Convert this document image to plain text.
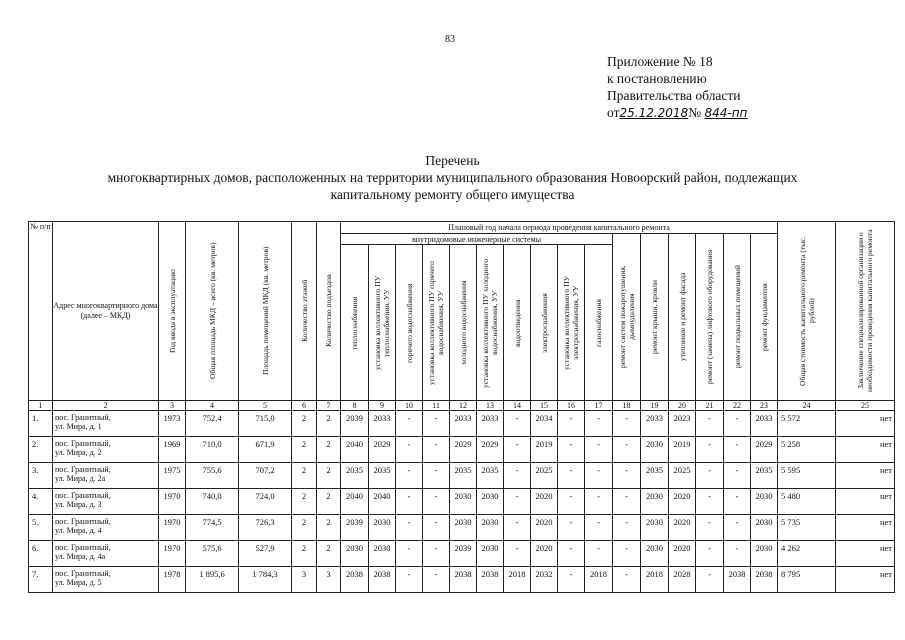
83
Приложение № 18
к постановлению
Правительства области
от25.12.2018№ 844-пп
Перечень
многоквартирных домов, расположенных на территории муниципального образования Новоорский район, подлежащих
капитальному ремонту общего имущества
№ п/п	Адрес многоквартирного дома (далее – МКД)	Год ввода в эксплуатацию	Общая площадь МКД – всего (кв. метров)	Площадь помещений МКД (кв. метров)	Количество этажей	Количество подъездов	Плановый год начала периода проведения капитального ремонта																Общая стоимость капитального ремонта (тыс. рублей)	Заключение специализированной организации о необходимости проведения капитального ремонта

							внутридомовые инженерные системы										ремонт систем пожаротушения, дымоудаления	ремонт крыши, кровли	утепление и ремонт фасада	ремонт (замена) лифтового оборудования	ремонт подвальных помещений	ремонт фундаментов		

							теплоснабжения	установка коллективного ПУ теплоснабжения, УУ	горячего водоснабжения	установка коллективного ПУ горячего водоснабжения, УУ	холодного водоснабжения	установка коллективного ПУ холодного водоснабжения, УУ	водоотведения	электроснабжения	установка коллективного ПУ электроснабжения, УУ	газоснабжения								

1	2	3	4	5	6	7	8	9	10	11	12	13	14	15	16	17	18	19	20	21	22	23	24	25
1.	пос. Гранитный,
ул. Мира, д. 1	1973	752,4	715,0	2	2	2039	2033	-	-	2033	2033	-	2034	-	-	-	2033	2023	-	-	2033	5 572	нет
2.	пос. Гранитный,
ул. Мира, д. 2	1969	710,0	671,9	2	2	2040	2029	-	-	2029	2029	-	2019	-	-	-	2030	2019	-	-	2029	5 258	нет
3.	пос. Гранитный,
ул. Мира, д. 2а	1975	755,6	707,2	2	2	2035	2035	-	-	2035	2035	-	2025	-	-	-	2035	2025	-	-	2035	5 595	нет
4.	пос. Гранитный,
ул. Мира, д. 3	1970	740,0	724,0	2	2	2040	2040	-	-	2030	2030	-	2020	-	-	-	2030	2020	-	-	2030	5 480	нет
5.	пос. Гранитный,
ул. Мира, д. 4	1970	774,5	726,3	2	2	2039	2030	-	-	2030	2030	-	2020	-	-	-	2030	2020	-	-	2030	5 735	нет
6.	пос. Гранитный,
ул. Мира, д. 4а	1970	575,6	527,9	2	2	2030	2030	-	-	2039	2030	-	2020	-	-	-	2030	2020	-	-	2030	4 262	нет
7.	пос. Гранитный,
ул. Мира, д. 5	1978	1 895,6	1 784,3	3	3	2038	2038	-	-	2038	2038	2018	2032	-	2018	-	2018	2028	-	2038	2038	8 795	нет
